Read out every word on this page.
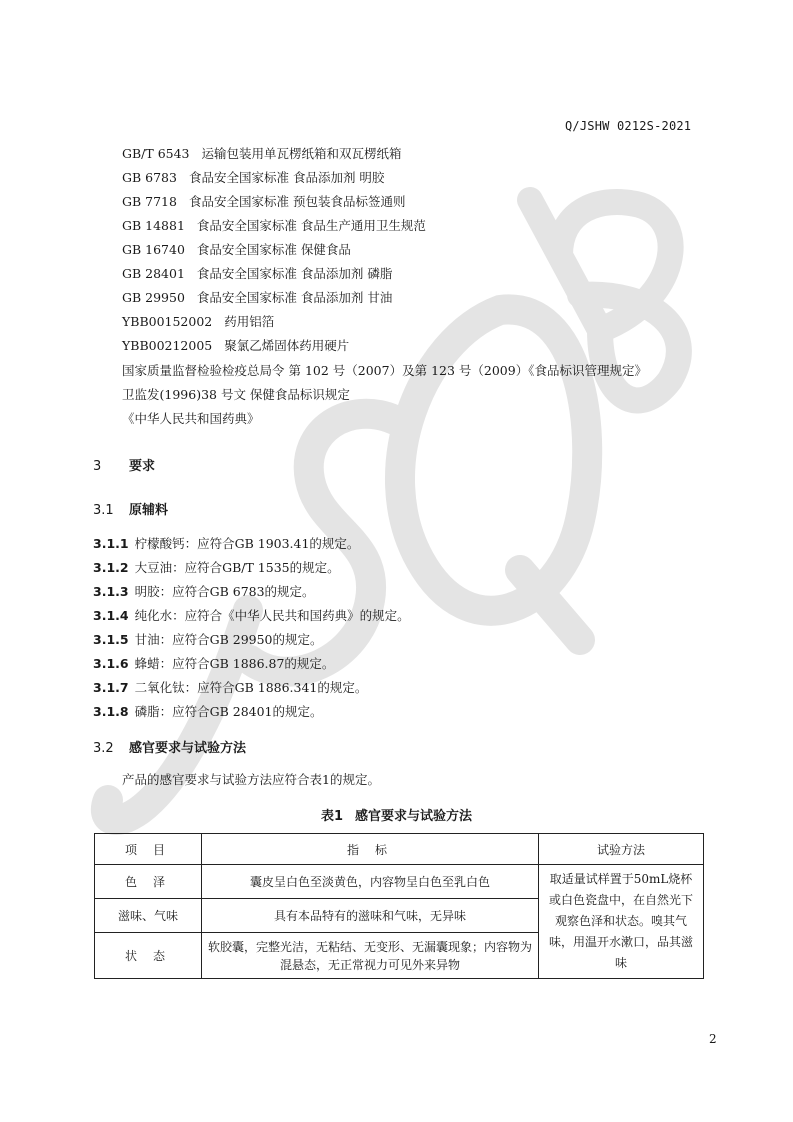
Q/JSHW 0212S-2021
GB/T 6543 运输包装用单瓦楞纸箱和双瓦楞纸箱
GB 6783 食品安全国家标准 食品添加剂 明胶
GB 7718 食品安全国家标准 预包装食品标签通则
GB 14881 食品安全国家标准 食品生产通用卫生规范
GB 16740 食品安全国家标准 保健食品
GB 28401 食品安全国家标准 食品添加剂 磷脂
GB 29950 食品安全国家标准 食品添加剂 甘油
YBB00152002 药用铝箔
YBB00212005 聚氯乙烯固体药用硬片
国家质量监督检验检疫总局令 第 102 号（2007）及第 123 号（2009）《食品标识管理规定》
卫监发(1996)38 号文 保健食品标识规定
《中华人民共和国药典》
3 要求
3.1 原辅料
3.1.1 柠檬酸钙：应符合GB 1903.41的规定。
3.1.2 大豆油：应符合GB/T 1535的规定。
3.1.3 明胶：应符合GB 6783的规定。
3.1.4 纯化水：应符合《中华人民共和国药典》的规定。
3.1.5 甘油：应符合GB 29950的规定。
3.1.6 蜂蜡：应符合GB 1886.87的规定。
3.1.7 二氧化钛：应符合GB 1886.341的规定。
3.1.8 磷脂：应符合GB 28401的规定。
3.2 感官要求与试验方法
产品的感官要求与试验方法应符合表1的规定。
表1 感官要求与试验方法
项目	指标	试验方法
色泽	囊皮呈白色至淡黄色，内容物呈白色至乳白色	取适量试样置于50mL烧杯或白色瓷盘中，在自然光下观察色泽和状态。嗅其气味，用温开水漱口，品其滋味
滋味、气味	具有本品特有的滋味和气味，无异味	
状态	软胶囊，完整光洁，无粘结、无变形、无漏囊现象；内容物为混悬态，无正常视力可见外来异物	
2
